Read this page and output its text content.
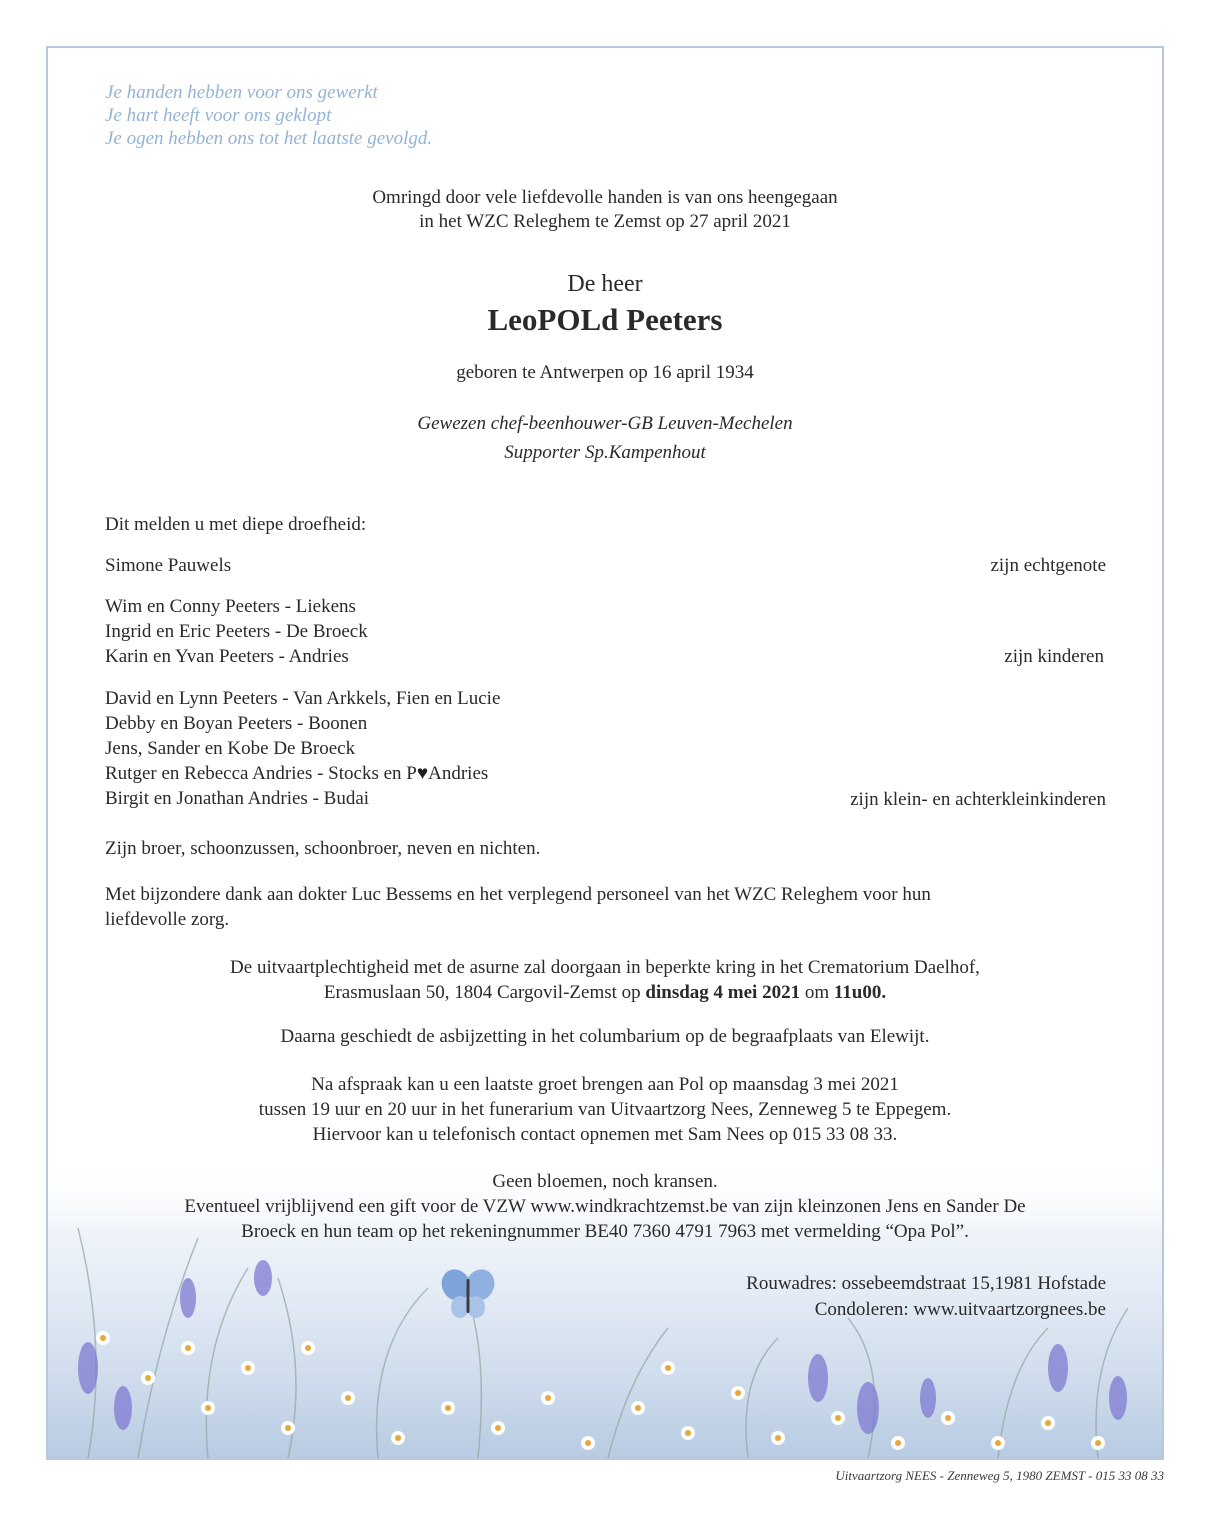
Je handen hebben voor ons gewerkt
Je hart heeft voor ons geklopt
Je ogen hebben ons tot het laatste gevolgd.
Omringd door vele liefdevolle handen is van ons heengegaan
in het WZC Releghem te Zemst op 27 april 2021
De heer
LeoPOLd Peeters
geboren te Antwerpen op 16 april 1934
Gewezen chef-beenhouwer-GB Leuven-Mechelen
Supporter Sp.Kampenhout
Dit melden u met diepe droefheid:
Simone Pauwels	zijn echtgenote
Wim en Conny Peeters - Liekens
Ingrid en Eric Peeters - De Broeck
Karin en Yvan Peeters - Andries	zijn kinderen
David en Lynn Peeters - Van Arkkels, Fien en Lucie
Debby en Boyan Peeters - Boonen
Jens, Sander en Kobe De Broeck
Rutger en Rebecca Andries - Stocks en P♥Andries
Birgit en Jonathan Andries - Budai	zijn klein- en achterkleinkinderen
Zijn broer, schoonzussen, schoonbroer, neven en nichten.
Met bijzondere dank aan dokter Luc Bessems en het verplegend personeel van het WZC Releghem voor hun
liefdevolle zorg.
De uitvaartplechtigheid met de asurne zal doorgaan in beperkte kring in het Crematorium Daelhof,
Erasmuslaan 50, 1804 Cargovil-Zemst op dinsdag 4 mei 2021 om 11u00.
Daarna geschiedt de asbijzetting in het columbarium op de begraafplaats van Elewijt.
Na afspraak kan u een laatste groet brengen aan Pol op maansdag 3 mei 2021
tussen 19 uur en 20 uur in het funerarium van Uitvaartzorg Nees, Zenneweg 5 te Eppegem.
Hiervoor kan u telefonisch contact opnemen met Sam Nees op 015 33 08 33.
Geen bloemen, noch kransen.
Eventueel vrijblijvend een gift voor de VZW www.windkrachtzemst.be van zijn kleinzonen Jens en Sander De
Broeck en hun team op het rekeningnummer BE40 7360 4791 7963 met vermelding “Opa Pol”.
Rouwadres: ossebeemdstraat 15,1981 Hofstade
Condoleren: www.uitvaartzorgnees.be
Uitvaartzorg NEES - Zenneweg 5, 1980 ZEMST - 015 33 08 33
